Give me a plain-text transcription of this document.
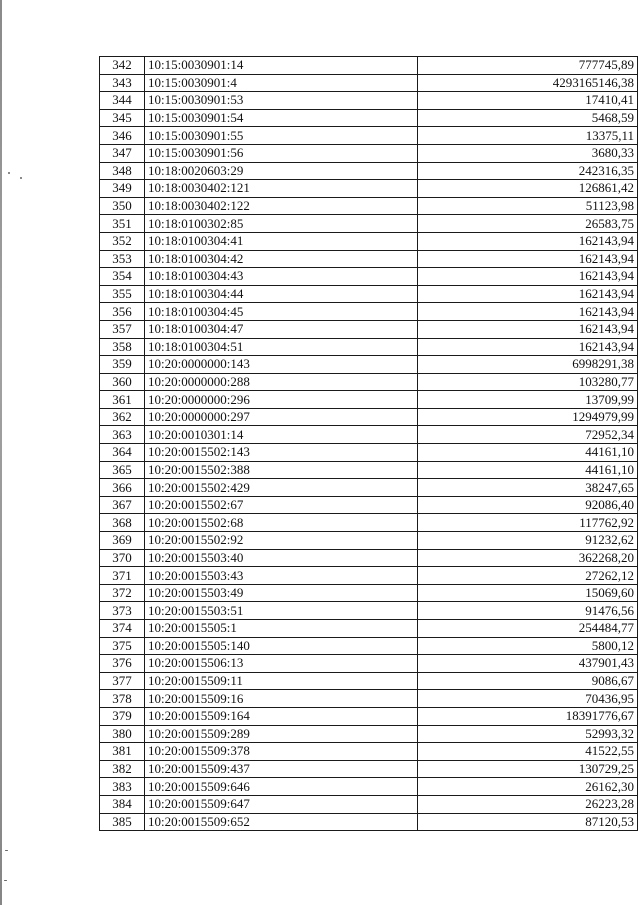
342	10:15:0030901:14	777745,89
343	10:15:0030901:4	4293165146,38
344	10:15:0030901:53	17410,41
345	10:15:0030901:54	5468,59
346	10:15:0030901:55	13375,11
347	10:15:0030901:56	3680,33
348	10:18:0020603:29	242316,35
349	10:18:0030402:121	126861,42
350	10:18:0030402:122	51123,98
351	10:18:0100302:85	26583,75
352	10:18:0100304:41	162143,94
353	10:18:0100304:42	162143,94
354	10:18:0100304:43	162143,94
355	10:18:0100304:44	162143,94
356	10:18:0100304:45	162143,94
357	10:18:0100304:47	162143,94
358	10:18:0100304:51	162143,94
359	10:20:0000000:143	6998291,38
360	10:20:0000000:288	103280,77
361	10:20:0000000:296	13709,99
362	10:20:0000000:297	1294979,99
363	10:20:0010301:14	72952,34
364	10:20:0015502:143	44161,10
365	10:20:0015502:388	44161,10
366	10:20:0015502:429	38247,65
367	10:20:0015502:67	92086,40
368	10:20:0015502:68	117762,92
369	10:20:0015502:92	91232,62
370	10:20:0015503:40	362268,20
371	10:20:0015503:43	27262,12
372	10:20:0015503:49	15069,60
373	10:20:0015503:51	91476,56
374	10:20:0015505:1	254484,77
375	10:20:0015505:140	5800,12
376	10:20:0015506:13	437901,43
377	10:20:0015509:11	9086,67
378	10:20:0015509:16	70436,95
379	10:20:0015509:164	18391776,67
380	10:20:0015509:289	52993,32
381	10:20:0015509:378	41522,55
382	10:20:0015509:437	130729,25
383	10:20:0015509:646	26162,30
384	10:20:0015509:647	26223,28
385	10:20:0015509:652	87120,53
